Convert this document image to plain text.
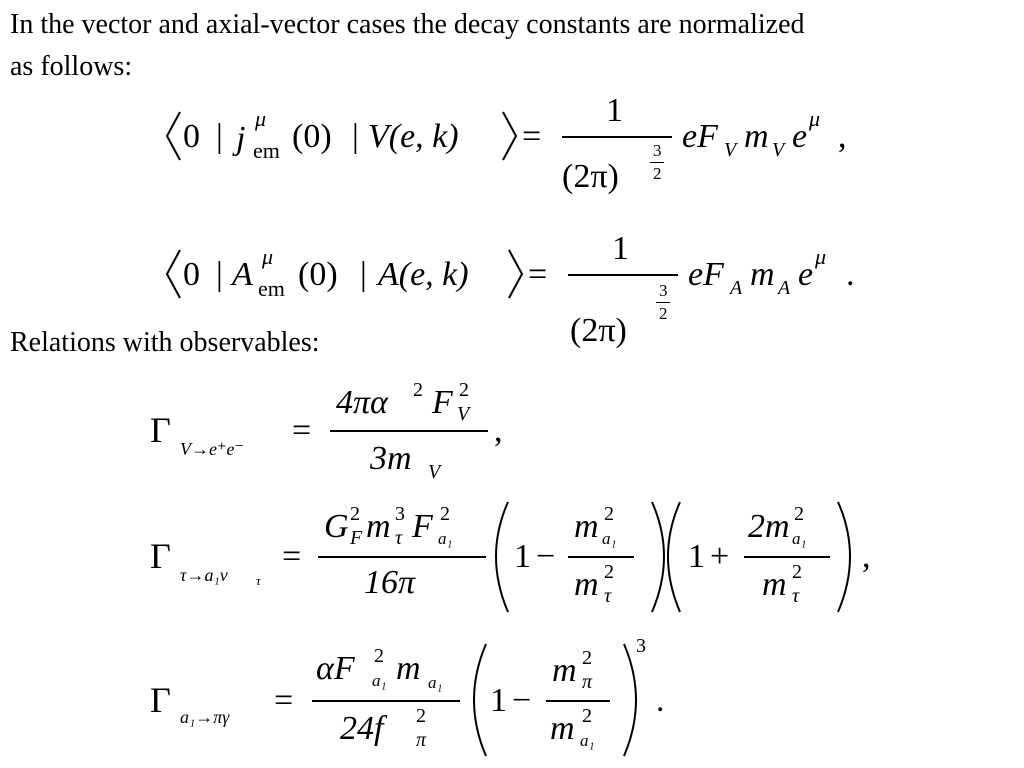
In the vector and axial-vector cases the decay constants are normalized
as follows:
Relations with observables:
0 | j
μ
em (0) | V(e, k) =
1
(2π)
3
2
eF V m V e μ ,
0 | A μ
em (0) | A(e, k) =
1
(2π)
3
2
eF A m A e μ .
Γ V→e⁺e⁻ =
4πα 2 F 2
V
3m V
,
Γ τ→a₁ν τ
=
G 2
F m 3
τ F 2
a₁
16π
1 −
m 2
a₁
m 2
τ
1 +
2m 2
a₁
m 2
τ
,
Γ a₁→πγ =
αF 2
a₁ m a₁
24f 2
π
1 −
m 2
π
m 2
a₁
3
.
